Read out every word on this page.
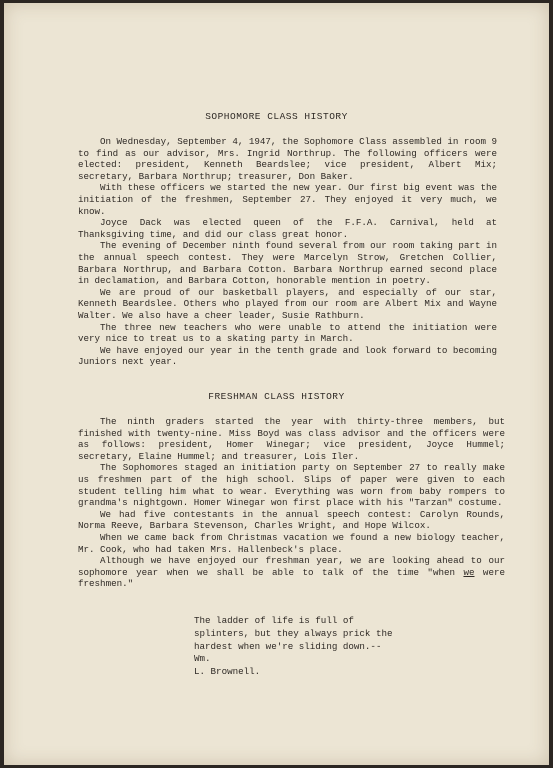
SOPHOMORE CLASS HISTORY

On Wednesday, September 4, 1947, the Sophomore Class assembled in room 9 to find as our advisor, Mrs. Ingrid Northrup. The following officers were elected: president, Kenneth Beardslee; vice president, Albert Mix; secretary, Barbara Northrup; treasurer, Don Baker.

With these officers we started the new year. Our first big event was the initiation of the freshmen, September 27. They enjoyed it very much, we know.

Joyce Dack was elected queen of the F.F.A. Carnival, held at Thanksgiving time, and did our class great honor.

The evening of December ninth found several from our room taking part in the annual speech contest. They were Marcelyn Strow, Gretchen Collier, Barbara Northrup, and Barbara Cotton. Barbara Northrup earned second place in declamation, and Barbara Cotton, honorable mention in poetry.

We are proud of our basketball players, and especially of our star, Kenneth Beardslee. Others who played from our room are Albert Mix and Wayne Walter. We also have a cheer leader, Susie Rathburn.

The three new teachers who were unable to attend the initiation were very nice to treat us to a skating party in March.

We have enjoyed our year in the tenth grade and look forward to becoming Juniors next year.

FRESHMAN CLASS HISTORY

The ninth graders started the year with thirty-three members, but finished with twenty-nine. Miss Boyd was class advisor and the officers were as follows: president, Homer Winegar; vice president, Joyce Hummel; secretary, Elaine Hummel; and treasurer, Lois Iler.

The Sophomores staged an initiation party on September 27 to really make us freshmen part of the high school. Slips of paper were given to each student telling him what to wear. Everything was worn from baby rompers to grandma's nightgown. Homer Winegar won first place with his "Tarzan" costume.

We had five contestants in the annual speech contest: Carolyn Rounds, Norma Reeve, Barbara Stevenson, Charles Wright, and Hope Wilcox.

When we came back from Christmas vacation we found a new biology teacher, Mr. Cook, who had taken Mrs. Hallenbeck's place.

Although we have enjoyed our freshman year, we are looking ahead to our sophomore year when we shall be able to talk of the time "when we were freshmen."

The ladder of life is full of
splinters, but they always prick the
hardest when we're sliding down.--Wm.
L. Brownell.
